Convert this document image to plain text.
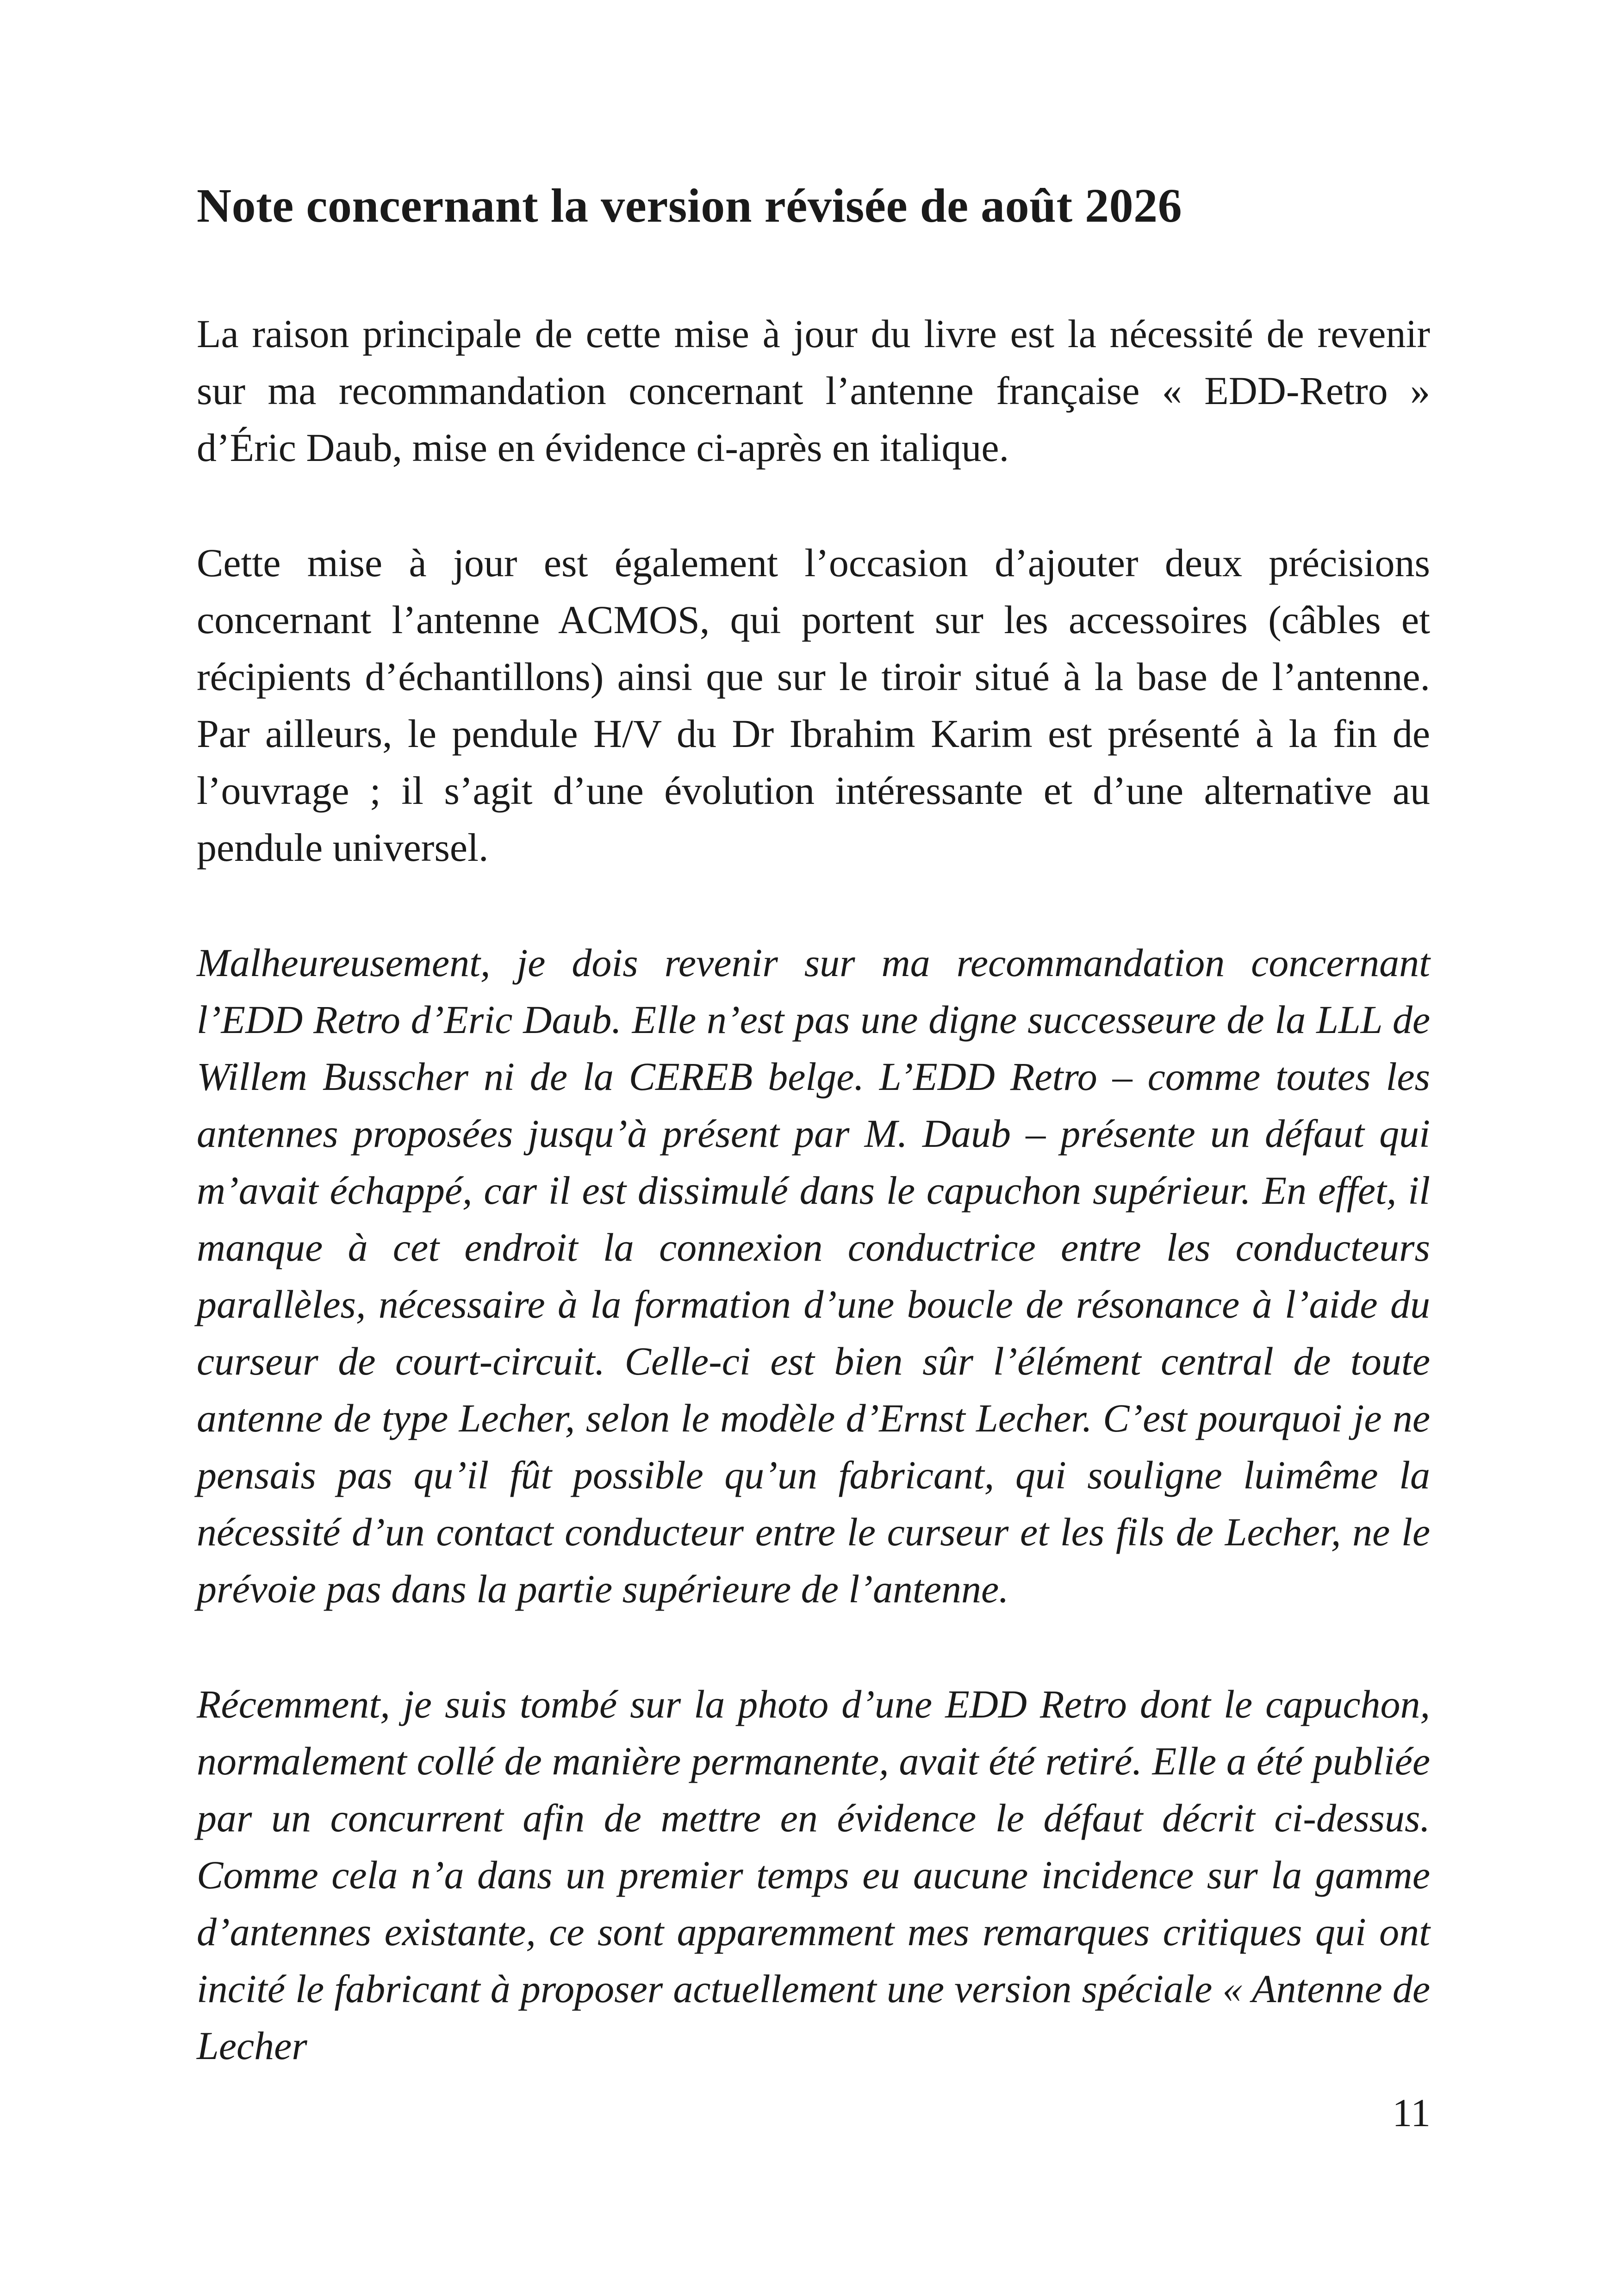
Note concernant la version révisée de août 2026

La raison principale de cette mise à jour du livre est la nécessité de revenir sur ma recommandation concernant l’antenne française « EDD-Retro » d’Éric Daub, mise en évidence ci-après en italique.

Cette mise à jour est également l’occasion d’ajouter deux précisions concernant l’antenne ACMOS, qui portent sur les accessoires (câbles et récipients d’échantillons) ainsi que sur le tiroir situé à la base de l’antenne. Par ailleurs, le pendule H/V du Dr Ibrahim Karim est présenté à la fin de l’ouvrage ; il s’agit d’une évolution intéressante et d’une alternative au pendule universel.

Malheureusement, je dois revenir sur ma recommandation concernant l’EDD Retro d’Eric Daub. Elle n’est pas une digne successeure de la LLL de Willem Busscher ni de la CEREB belge. L’EDD Retro – comme toutes les antennes proposées jusqu’à présent par M. Daub – présente un défaut qui m’avait échappé, car il est dissimulé dans le capuchon supérieur. En effet, il manque à cet endroit la connexion conductrice entre les conducteurs parallèles, nécessaire à la formation d’une boucle de résonance à l’aide du curseur de court-circuit. Celle-ci est bien sûr l’élément central de toute antenne de type Lecher, selon le modèle d’Ernst Lecher. C’est pourquoi je ne pensais pas qu’il fût possible qu’un fabricant, qui souligne luimême la nécessité d’un contact conducteur entre le curseur et les fils de Lecher, ne le prévoie pas dans la partie supérieure de l’antenne.

Récemment, je suis tombé sur la photo d’une EDD Retro dont le capuchon, normalement collé de manière permanente, avait été retiré. Elle a été publiée par un concurrent afin de mettre en évidence le défaut décrit ci-dessus. Comme cela n’a dans un premier temps eu aucune incidence sur la gamme d’antennes existante, ce sont apparemment mes remarques critiques qui ont incité le fabricant à proposer actuellement une version spéciale « Antenne de Lecher

11
